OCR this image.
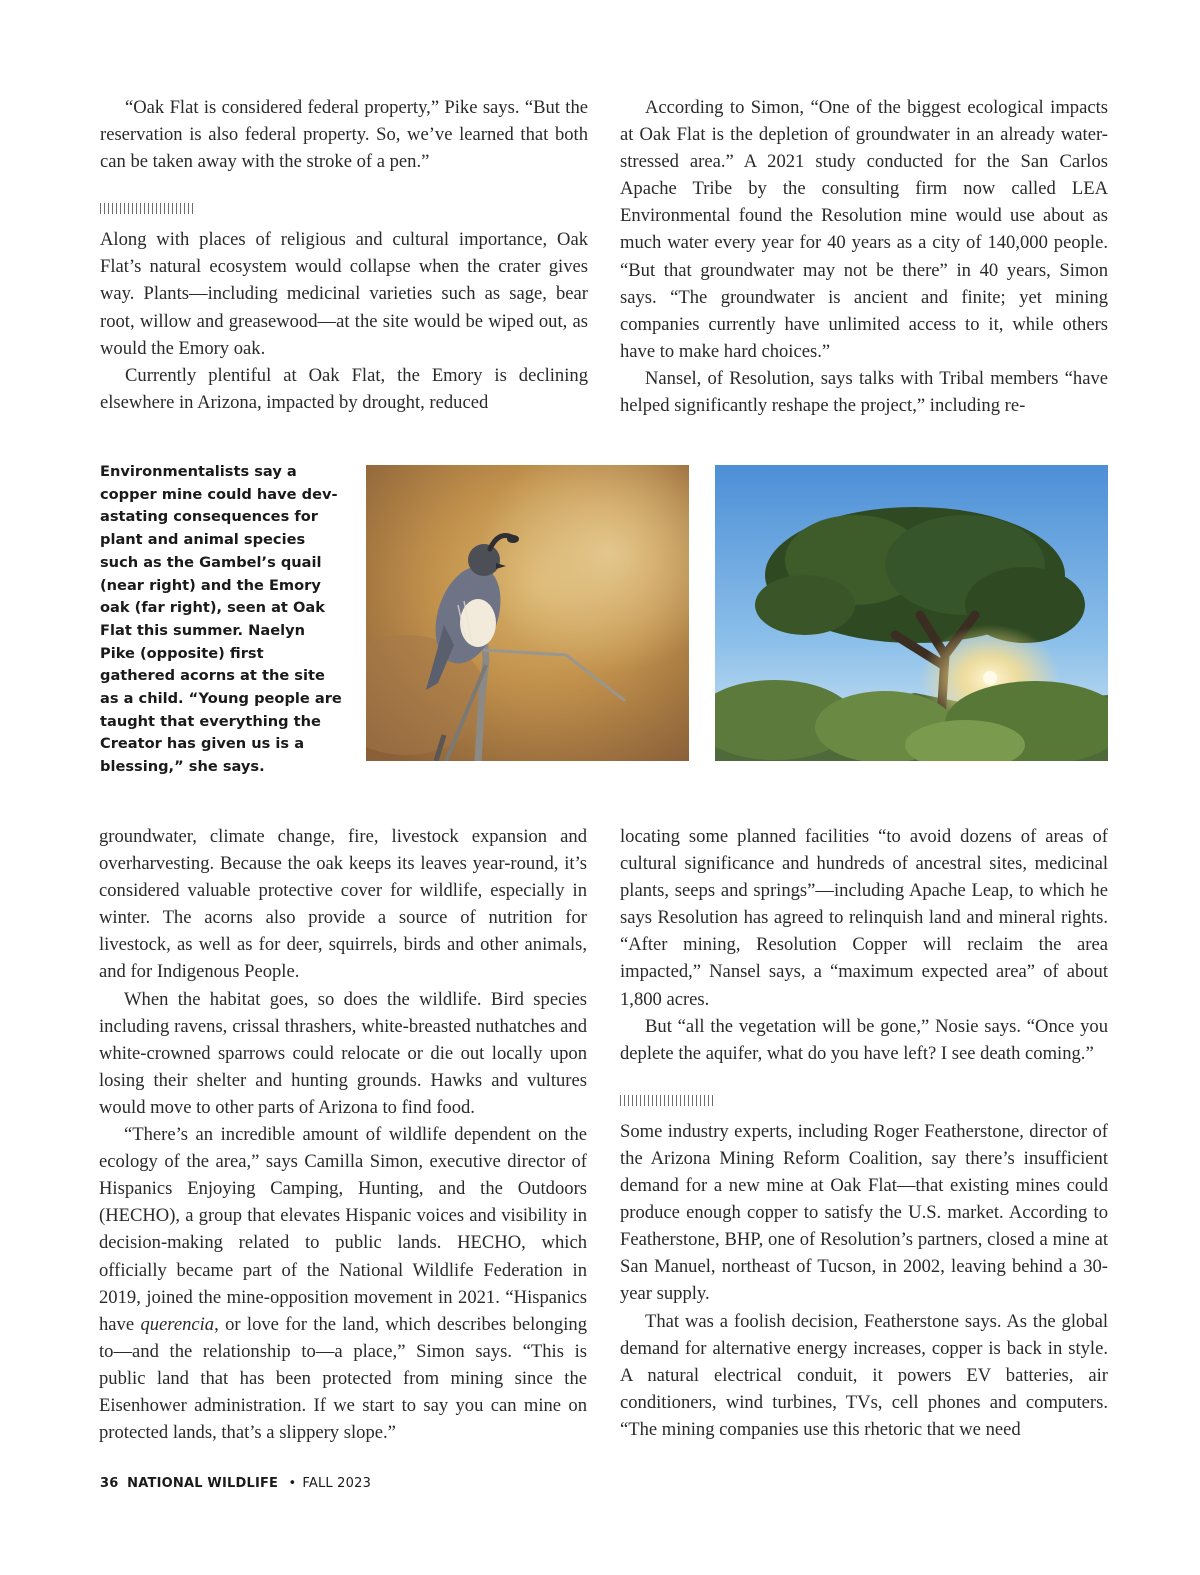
“Oak Flat is considered federal property,” Pike says. “But the reservation is also federal property. So, we’ve learned that both can be taken away with the stroke of a pen.”

Along with places of religious and cultural importance, Oak Flat’s natural ecosystem would collapse when the crater gives way. Plants—including medicinal varieties such as sage, bear root, willow and greasewood—at the site would be wiped out, as would the Emory oak.

Currently plentiful at Oak Flat, the Emory is declining elsewhere in Arizona, impacted by drought, reduced

According to Simon, “One of the biggest ecological impacts at Oak Flat is the depletion of groundwater in an already water-stressed area.” A 2021 study conducted for the San Carlos Apache Tribe by the consulting firm now called LEA Environmental found the Resolution mine would use about as much water every year for 40 years as a city of 140,000 people. “But that groundwater may not be there” in 40 years, Simon says. “The groundwater is ancient and finite; yet mining companies currently have unlimited access to it, while others have to make hard choices.”

Nansel, of Resolution, says talks with Tribal members “have helped significantly reshape the project,” including re-

Environmentalists say a copper mine could have devastating consequences for plant and animal species such as the Gambel’s quail (near right) and the Emory oak (far right), seen at Oak Flat this summer. Naelyn Pike (opposite) first gathered acorns at the site as a child. “Young people are taught that everything the Creator has given us is a blessing,” she says.

groundwater, climate change, fire, livestock expansion and overharvesting. Because the oak keeps its leaves year-round, it’s considered valuable protective cover for wildlife, especially in winter. The acorns also provide a source of nutrition for livestock, as well as for deer, squirrels, birds and other animals, and for Indigenous People.

When the habitat goes, so does the wildlife. Bird species including ravens, crissal thrashers, white-breasted nuthatches and white-crowned sparrows could relocate or die out locally upon losing their shelter and hunting grounds. Hawks and vultures would move to other parts of Arizona to find food.

“There’s an incredible amount of wildlife dependent on the ecology of the area,” says Camilla Simon, executive director of Hispanics Enjoying Camping, Hunting, and the Outdoors (HECHO), a group that elevates Hispanic voices and visibility in decision-making related to public lands. HECHO, which officially became part of the National Wildlife Federation in 2019, joined the mine-opposition movement in 2021. “Hispanics have querencia, or love for the land, which describes belonging to—and the relationship to—a place,” Simon says. “This is public land that has been protected from mining since the Eisenhower administration. If we start to say you can mine on protected lands, that’s a slippery slope.”

locating some planned facilities “to avoid dozens of areas of cultural significance and hundreds of ancestral sites, medicinal plants, seeps and springs”—including Apache Leap, to which he says Resolution has agreed to relinquish land and mineral rights. “After mining, Resolution Copper will reclaim the area impacted,” Nansel says, a “maximum expected area” of about 1,800 acres.

But “all the vegetation will be gone,” Nosie says. “Once you deplete the aquifer, what do you have left? I see death coming.”

Some industry experts, including Roger Featherstone, director of the Arizona Mining Reform Coalition, say there’s insufficient demand for a new mine at Oak Flat—that existing mines could produce enough copper to satisfy the U.S. market. According to Featherstone, BHP, one of Resolution’s partners, closed a mine at San Manuel, northeast of Tucson, in 2002, leaving behind a 30-year supply.

That was a foolish decision, Featherstone says. As the global demand for alternative energy increases, copper is back in style. A natural electrical conduit, it powers EV batteries, air conditioners, wind turbines, TVs, cell phones and computers. “The mining companies use this rhetoric that we need

36 NATIONAL WILDLIFE • FALL 2023
